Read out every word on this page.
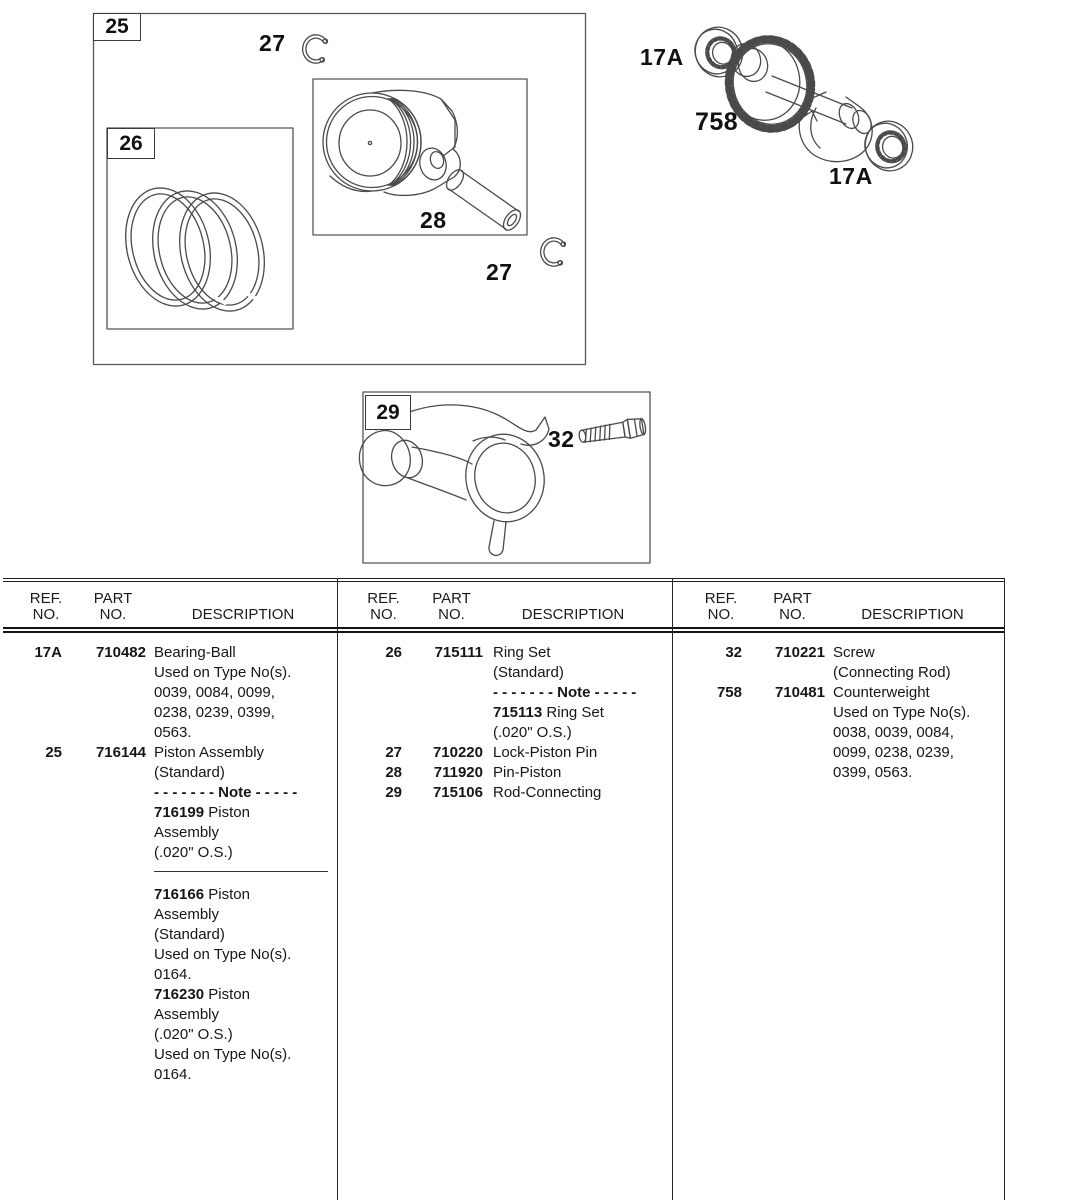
25
26
29
27
28
27
17A
758
17A
32
REF.
NO.
PART
NO.	DESCRIPTION
17A	710482 Bearing-Ball
Used on Type No(s).
0039, 0084, 0099,
0238, 0239, 0399,
0563.
25	716144 Piston Assembly
(Standard)
- - - - - - - Note - - - - -
716199 Piston
Assembly
(.020" O.S.)
716166 Piston
Assembly
(Standard)
Used on Type No(s).
0164.
716230 Piston
Assembly
(.020" O.S.)
Used on Type No(s).
0164.
REF.
NO.
PART
NO.	DESCRIPTION
26	715111 Ring Set
(Standard)
- - - - - - - Note - - - - -
715113 Ring Set
(.020" O.S.)
27	710220 Lock-Piston Pin
28	711920 Pin-Piston
29	715106 Rod-Connecting
REF.
NO.
PART
NO.	DESCRIPTION
32	710221 Screw
(Connecting Rod)
758	710481 Counterweight
Used on Type No(s).
0038, 0039, 0084,
0099, 0238, 0239,
0399, 0563.
